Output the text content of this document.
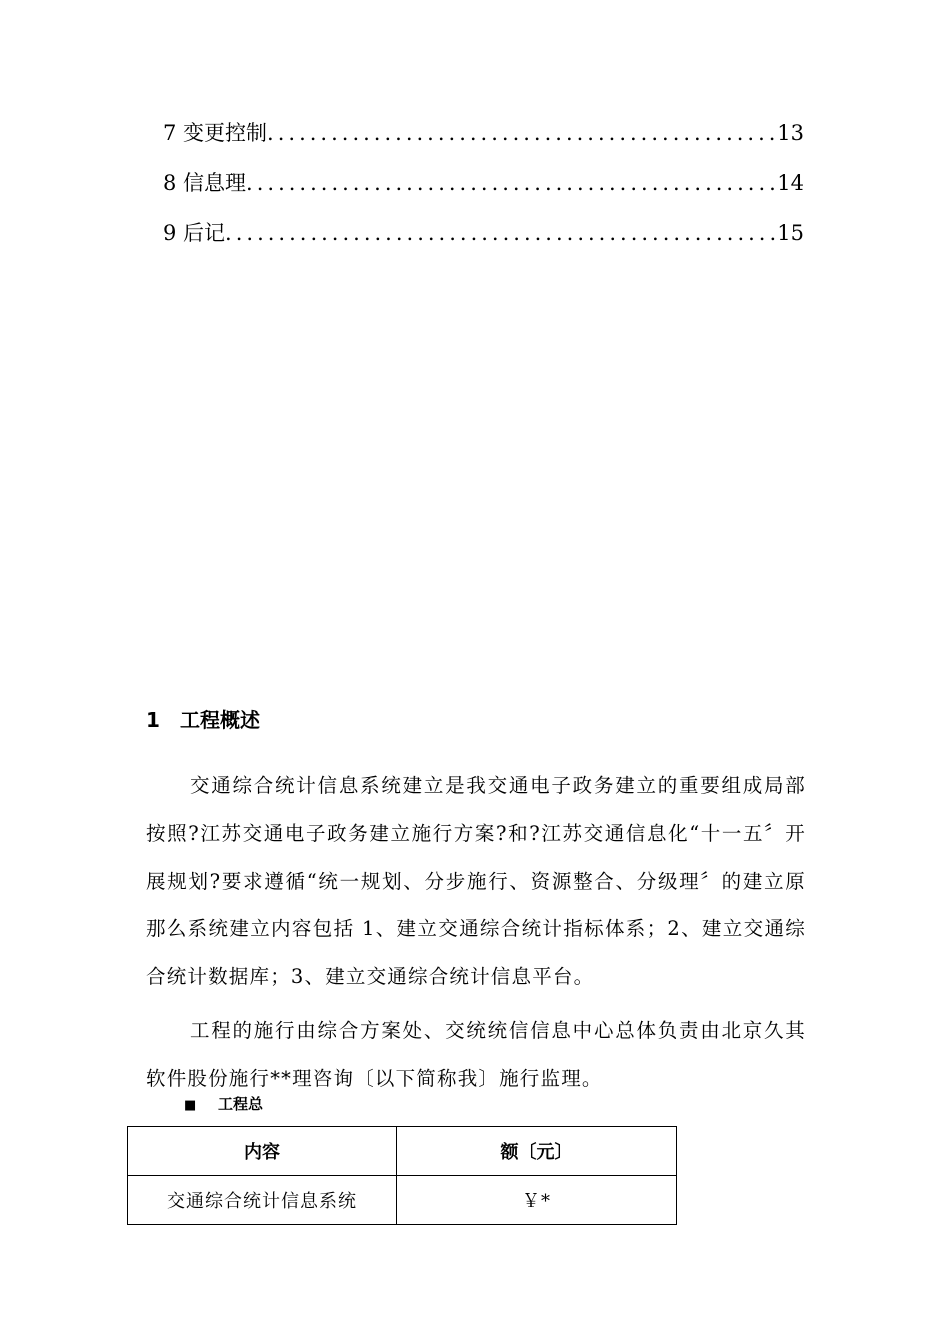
7 变更控制 .....	13
8 信息理 .....	14
9 后记 .....	15
1 工程概述

交通综合统计信息系统建立是我交通电子政务建立的重要组成局部按照?江苏交通电子政务建立施行方案?和?江苏交通信息化“十一五〞开展规划?要求遵循“统一规划、分步施行、资源整合、分级理〞的建立原那么系统建立内容包括 1、建立交通综合统计指标体系；2、建立交通综合统计数据库；3、建立交通综合统计信息平台。

工程的施行由综合方案处、交统统信信息中心总体负责由北京久其软件股份施行**理咨询〔以下简称我〕施行监理。

■ 工程总
内容	额〔元〕
交通综合统计信息系统	￥*
